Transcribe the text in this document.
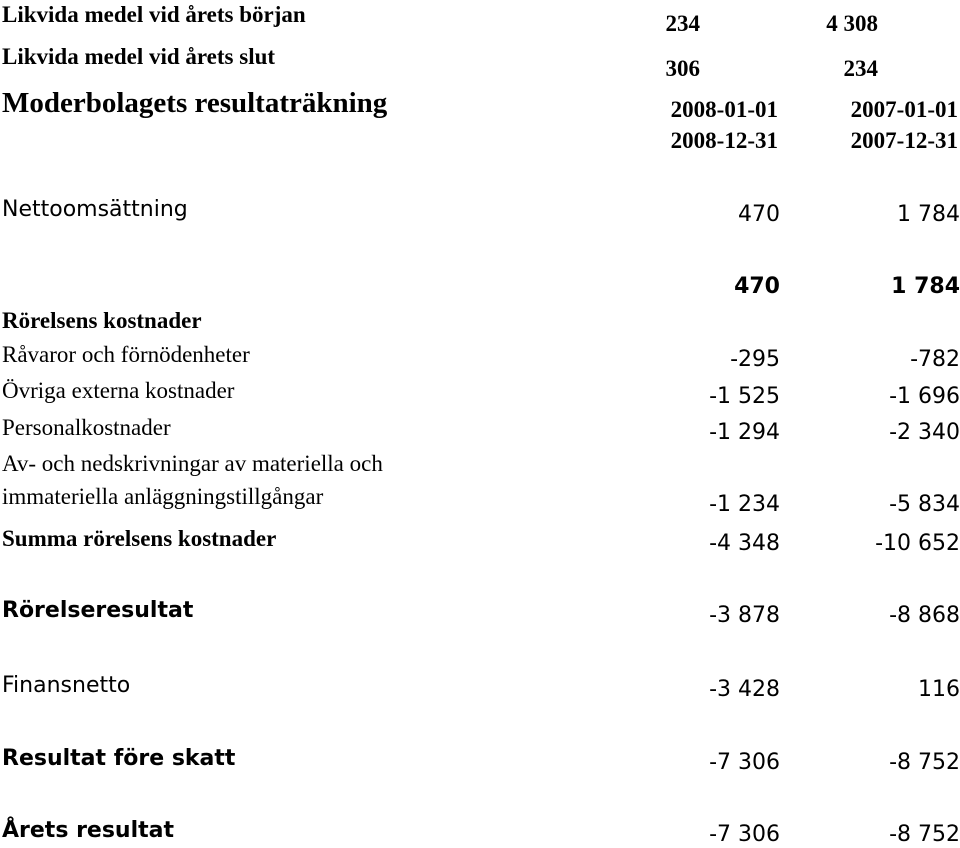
Likvida medel vid årets början	234	4 308
Likvida medel vid årets slut	306	234
Moderbolagets resultaträkning	2008-01-01	2007-01-01
2008-12-31	2007-12-31
Nettoomsättning	470	1 784
470	1 784
Rörelsens kostnader
Råvaror och förnödenheter	-295	-782
Övriga externa kostnader	-1 525	-1 696
Personalkostnader	-1 294	-2 340
Av- och nedskrivningar av materiella och
immateriella anläggningstillgångar	-1 234	-5 834
Summa rörelsens kostnader	-4 348	-10 652
Rörelseresultat	-3 878	-8 868
Finansnetto	-3 428	116
Resultat före skatt	-7 306	-8 752
Årets resultat	-7 306	-8 752
